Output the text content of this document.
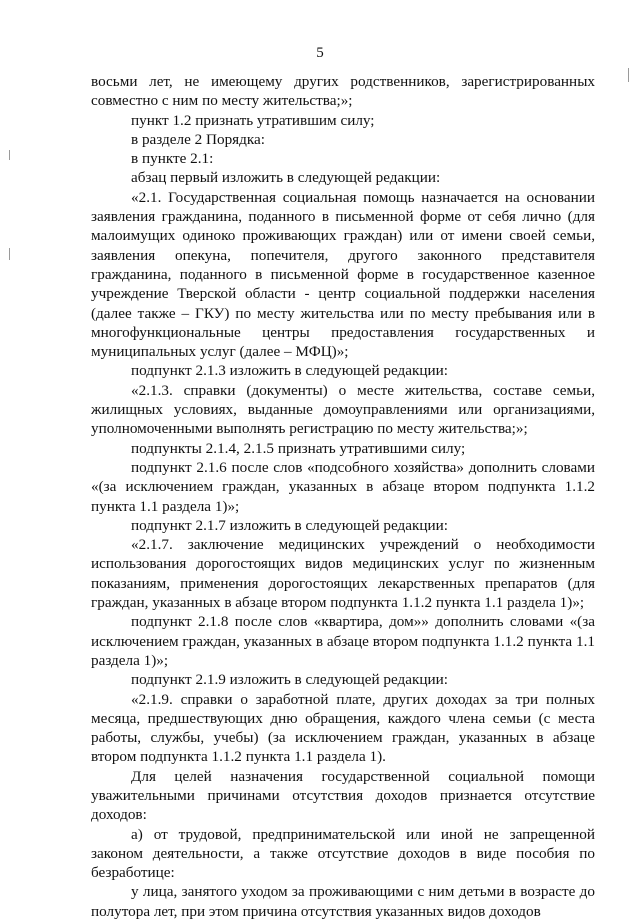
5

восьми лет, не имеющему других родственников, зарегистрированных совместно с ним по месту жительства;»;

пункт 1.2 признать утратившим силу;

в разделе 2 Порядка:

в пункте 2.1:

абзац первый изложить в следующей редакции:

«2.1. Государственная социальная помощь назначается на основании заявления гражданина, поданного в письменной форме от себя лично (для малоимущих одиноко проживающих граждан) или от имени своей семьи, заявления опекуна, попечителя, другого законного представителя гражданина, поданного в письменной форме в государственное казенное учреждение Тверской области - центр социальной поддержки населения (далее также – ГКУ) по месту жительства или по месту пребывания или в многофункциональные центры предоставления государственных и муниципальных услуг (далее – МФЦ)»;

подпункт 2.1.3 изложить в следующей редакции:

«2.1.3. справки (документы) о месте жительства, составе семьи, жилищных условиях, выданные домоуправлениями или организациями, уполномоченными выполнять регистрацию по месту жительства;»;

подпункты 2.1.4, 2.1.5 признать утратившими силу;

подпункт 2.1.6 после слов «подсобного хозяйства» дополнить словами «(за исключением граждан, указанных в абзаце втором подпункта 1.1.2 пункта 1.1 раздела 1)»;

подпункт 2.1.7 изложить в следующей редакции:

«2.1.7. заключение медицинских учреждений о необходимости использования дорогостоящих видов медицинских услуг по жизненным показаниям, применения дорогостоящих лекарственных препаратов (для граждан, указанных в абзаце втором подпункта 1.1.2 пункта 1.1 раздела 1)»;

подпункт 2.1.8 после слов «квартира, дом»» дополнить словами «(за исключением граждан, указанных в абзаце втором подпункта 1.1.2 пункта 1.1 раздела 1)»;

подпункт 2.1.9 изложить в следующей редакции:

«2.1.9. справки о заработной плате, других доходах за три полных месяца, предшествующих дню обращения, каждого члена семьи (с места работы, службы, учебы) (за исключением граждан, указанных в абзаце втором подпункта 1.1.2 пункта 1.1 раздела 1).

Для целей назначения государственной социальной помощи уважительными причинами отсутствия доходов признается отсутствие доходов:

а) от трудовой, предпринимательской или иной не запрещенной законом деятельности, а также отсутствие доходов в виде пособия по безработице:

у лица, занятого уходом за проживающими с ним детьми в возрасте до полутора лет, при этом причина отсутствия указанных видов доходов
